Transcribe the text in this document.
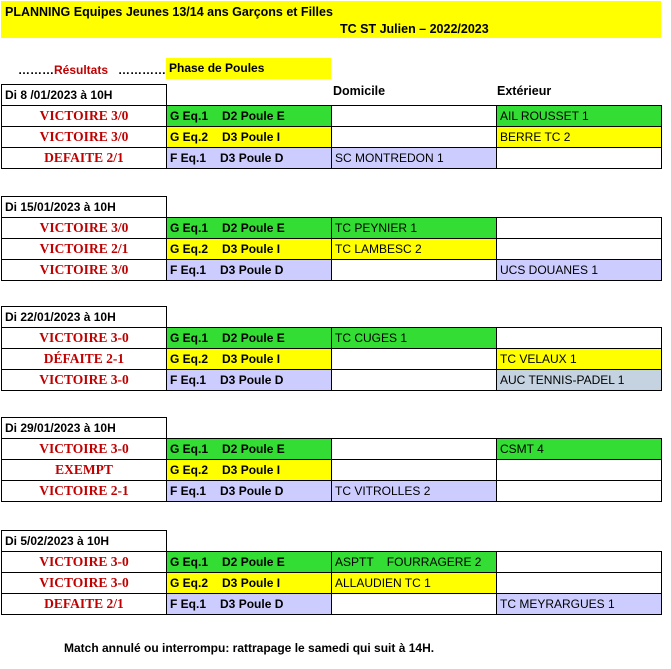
PLANNING Equipes Jeunes 13/14 ans Garçons et Filles
TC ST Julien – 2022/2023
………Résultats ………… Phase de Poules
Domicile	Extérieur
Di 8 /01/2023 à 10H			
VICTOIRE 3/0	G Eq.1 D2 Poule E		AIL ROUSSET 1
VICTOIRE 3/0	G Eq.2 D3 Poule I		BERRE TC 2
DEFAITE 2/1	F Eq.1 D3 Poule D	SC MONTREDON 1	
Di 15/01/2023 à 10H			
VICTOIRE 3/0	G Eq.1 D2 Poule E	TC PEYNIER 1	
VICTOIRE 2/1	G Eq.2 D3 Poule I	TC LAMBESC 2	
VICTOIRE 3/0	F Eq.1 D3 Poule D		UCS DOUANES 1
Di 22/01/2023 à 10H			
VICTOIRE 3-0	G Eq.1 D2 Poule E	TC CUGES 1	
DÉFAITE 2-1	G Eq.2 D3 Poule I		TC VELAUX 1
VICTOIRE 3-0	F Eq.1 D3 Poule D		AUC TENNIS-PADEL 1
Di 29/01/2023 à 10H			
VICTOIRE 3-0	G Eq.1 D2 Poule E		CSMT 4
EXEMPT	G Eq.2 D3 Poule I		
VICTOIRE 2-1	F Eq.1 D3 Poule D	TC VITROLLES 2	
Di 5/02/2023 à 10H			
VICTOIRE 3-0	G Eq.1 D2 Poule E	ASPTT    FOURRAGERE 2	
VICTOIRE 3-0	G Eq.2 D3 Poule I	ALLAUDIEN TC 1	
DEFAITE 2/1	F Eq.1 D3 Poule D		TC MEYRARGUES 1
Match annulé ou interrompu: rattrapage le samedi qui suit à 14H.
